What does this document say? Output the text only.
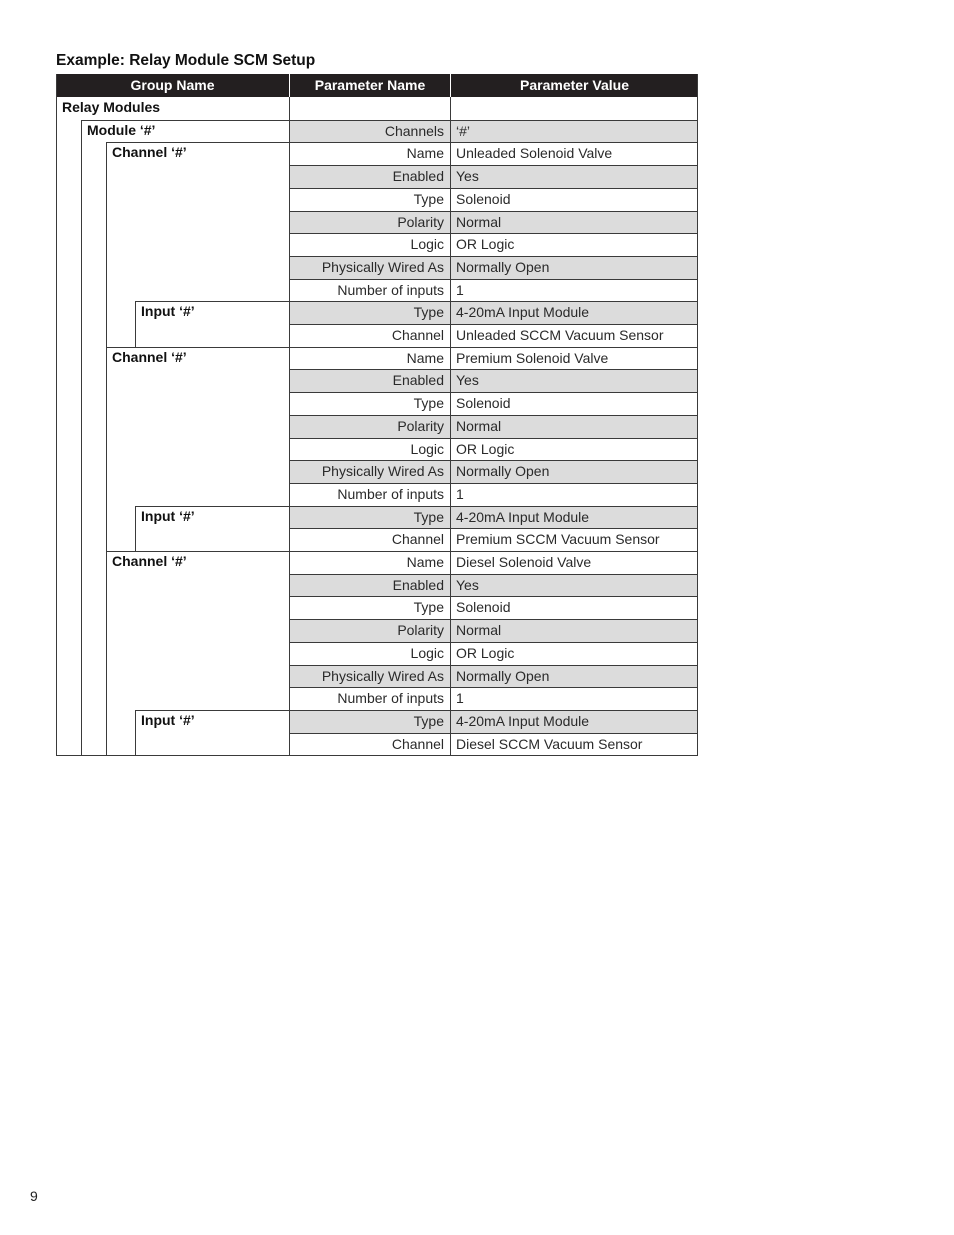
Example: Relay Module SCM Setup
Group Name	Parameter Name	Parameter Value
Channels ‘#’
Name Unleaded Solenoid Valve
Enabled Yes
Type Solenoid
Polarity Normal
Logic OR Logic
Physically Wired As Normally Open
Number of inputs 1
Type 4-20mA Input Module
Channel Unleaded SCCM Vacuum Sensor
Name Premium Solenoid Valve
Enabled Yes
Type Solenoid
Polarity Normal
Logic OR Logic
Physically Wired As Normally Open
Number of inputs 1
Type 4-20mA Input Module
Channel Premium SCCM Vacuum Sensor
Name Diesel Solenoid Valve
Enabled Yes
Type Solenoid
Polarity Normal
Logic OR Logic
Physically Wired As Normally Open
Number of inputs 1
Type 4-20mA Input Module
Channel Diesel SCCM Vacuum Sensor
Relay Modules
Module ‘#’
Channel ‘#’
Channel ‘#’
Channel ‘#’
Input ‘#’
Input ‘#’
Input ‘#’
9
